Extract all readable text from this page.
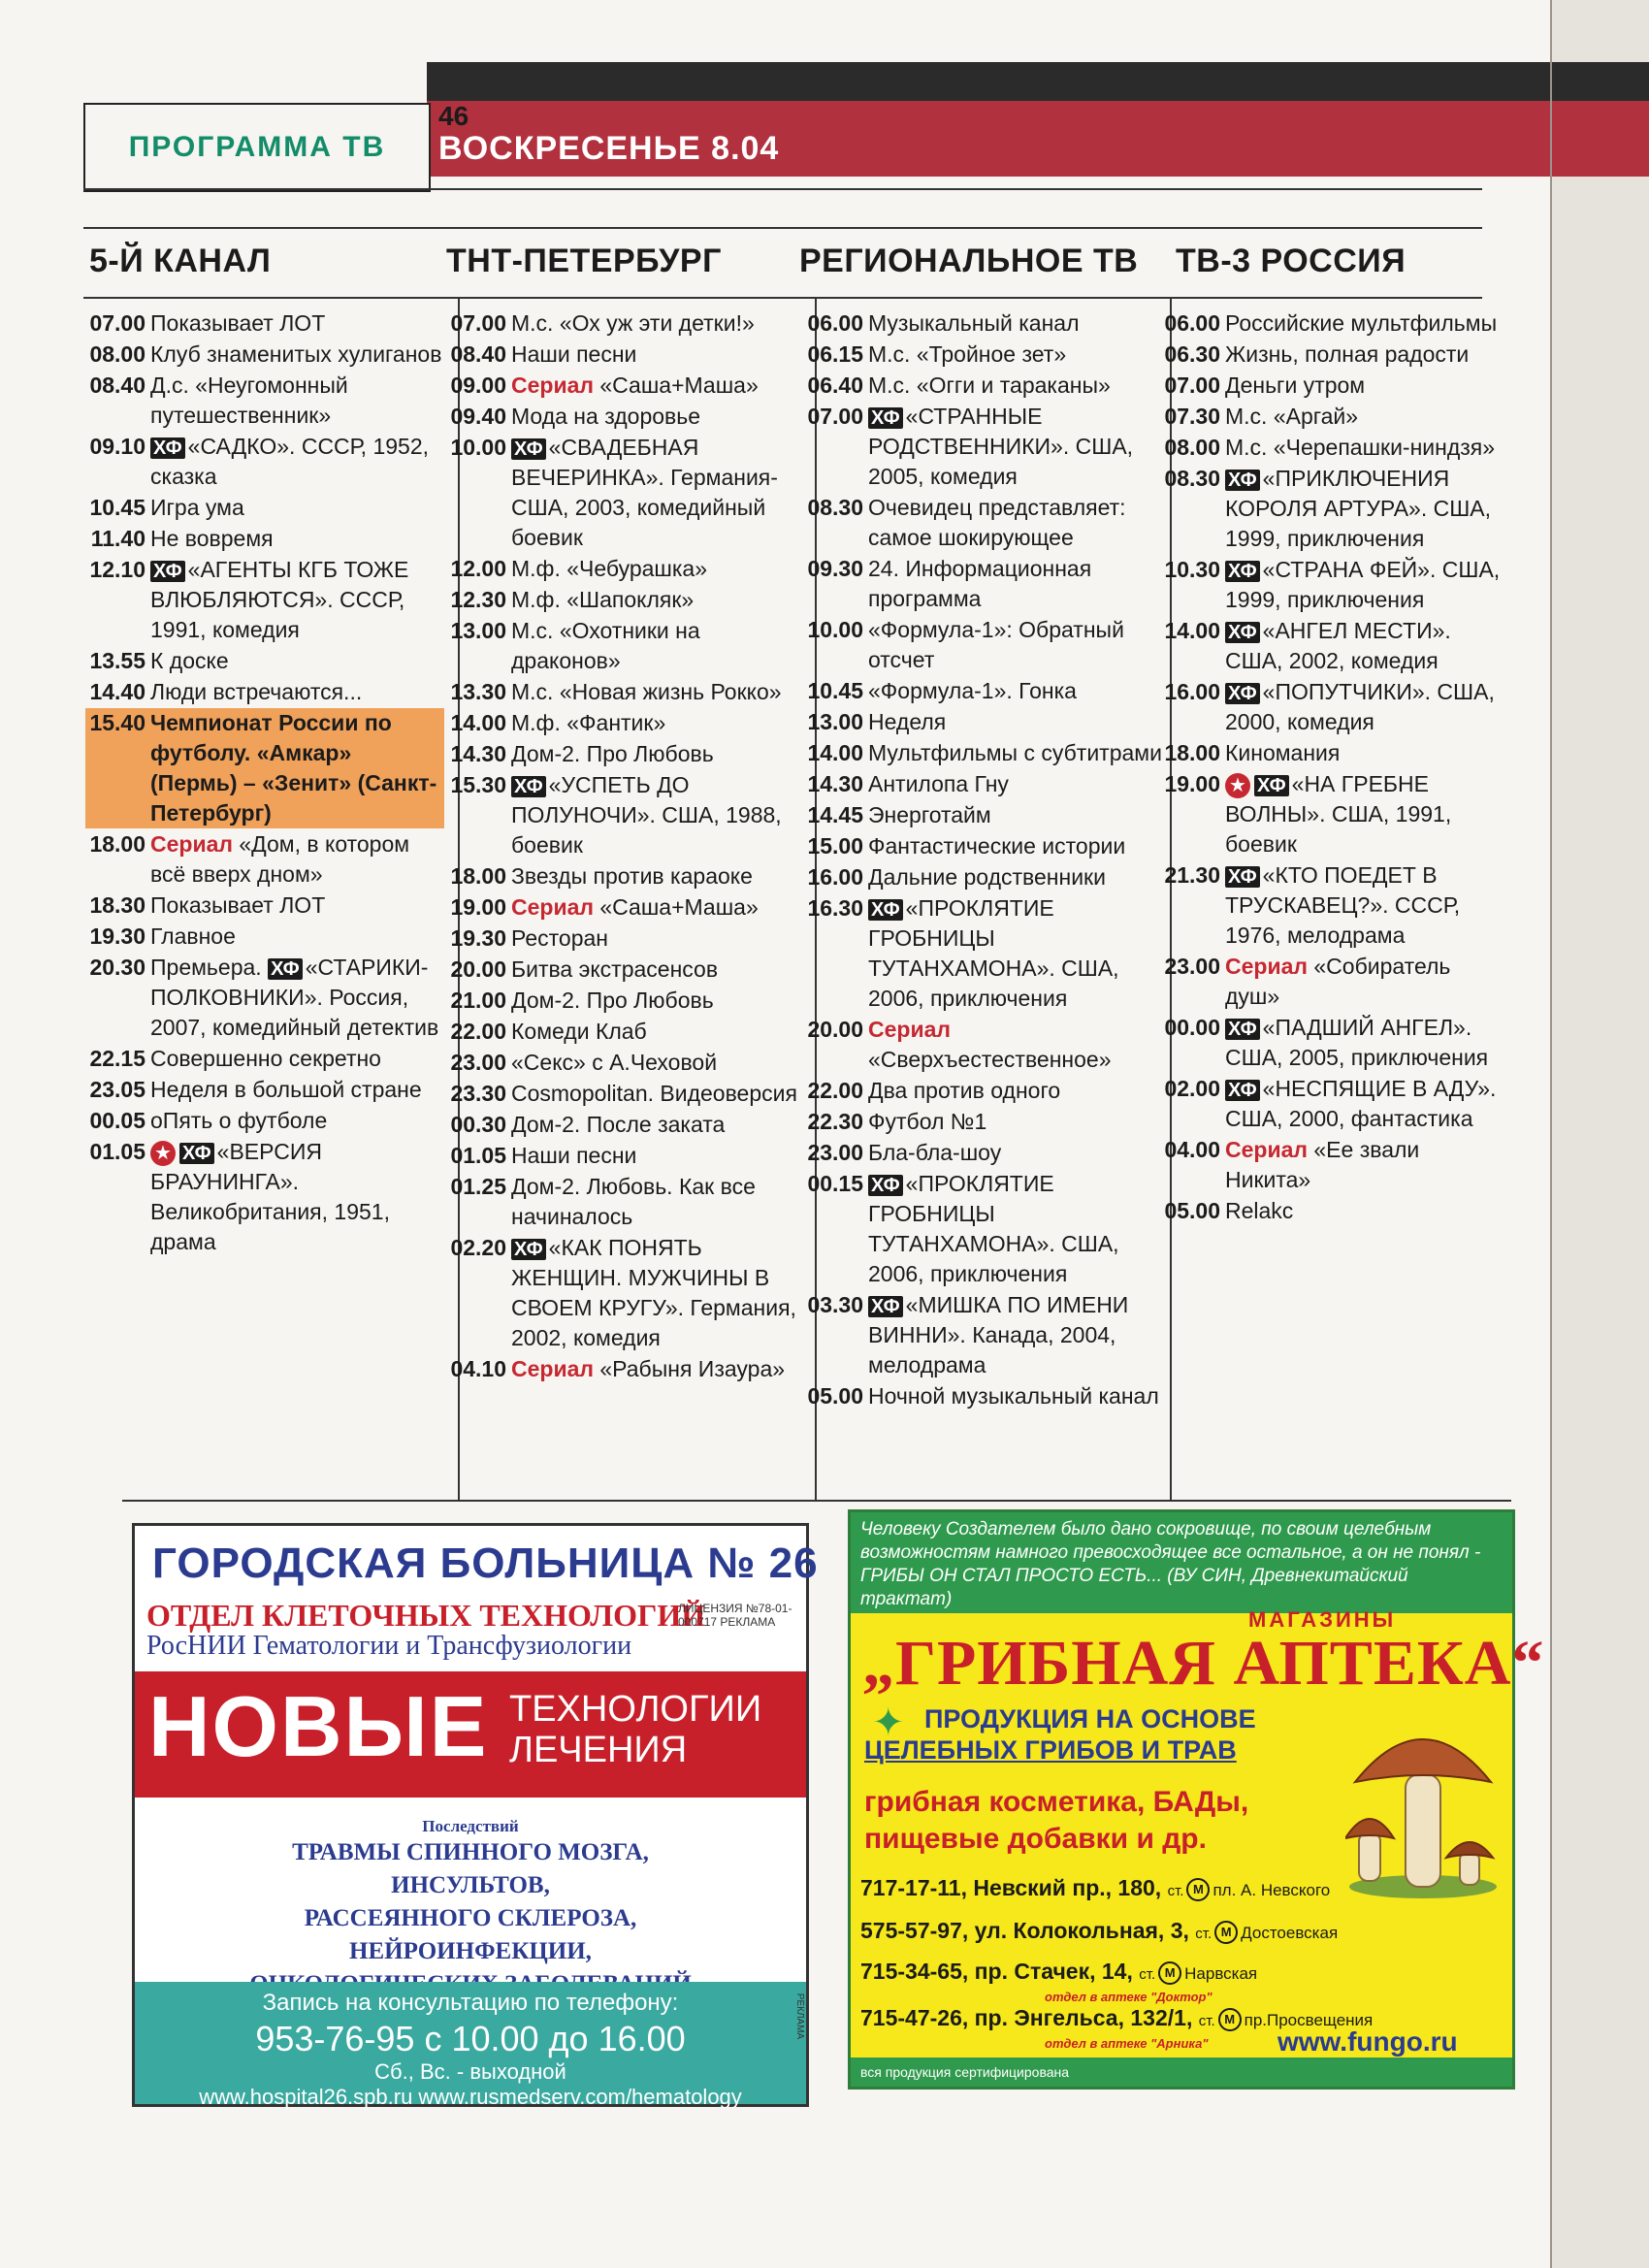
ПРОГРАММА ТВ
46
ВОСКРЕСЕНЬЕ 8.04
5-Й КАНАЛ	ТНТ-ПЕТЕРБУРГ РЕГИОНАЛЬНОЕ ТВ ТВ-3 РОССИЯ
07.00 Показывает ЛОТ
08.00 Клуб знаменитых хулиганов
08.40 Д.с. «Неугомонный путешественник»
09.10 ХФ «САДКО». СССР, 1952, сказка
10.45 Игра ума
11.40 Не вовремя
12.10 ХФ «АГЕНТЫ КГБ ТОЖЕ ВЛЮБЛЯЮТСЯ». СССР, 1991, комедия
13.55 К доске
14.40 Люди встречаются...
15.40 Чемпионат России по футболу. «Амкар» (Пермь) – «Зенит» (Санкт-Петербург)
18.00 Сериал «Дом, в котором всё вверх дном»
18.30 Показывает ЛОТ
19.30 Главное
20.30 Премьера. ХФ «СТАРИКИ-ПОЛКОВНИКИ». Россия, 2007, комедийный детектив
22.15 Совершенно секретно
23.05 Неделя в большой стране
00.05 оПять о футболе
01.05 ★ ХФ «ВЕРСИЯ БРАУНИНГА». Великобритания, 1951, драма
07.00 М.с. «Ох уж эти детки!»
08.40 Наши песни
09.00 Сериал «Саша+Маша»
09.40 Мода на здоровье
10.00 ХФ «СВАДЕБНАЯ ВЕЧЕРИНКА». Германия-США, 2003, комедийный боевик
12.00 М.ф. «Чебурашка»
12.30 М.ф. «Шапокляк»
13.00 М.с. «Охотники на драконов»
13.30 М.с. «Новая жизнь Рокко»
14.00 М.ф. «Фантик»
14.30 Дом-2. Про Любовь
15.30 ХФ «УСПЕТЬ ДО ПОЛУНОЧИ». США, 1988, боевик
18.00 Звезды против караоке
19.00 Сериал «Саша+Маша»
19.30 Ресторан
20.00 Битва экстрасенсов
21.00 Дом-2. Про Любовь
22.00 Комеди Клаб
23.00 «Секс» с А.Чеховой
23.30 Cosmopolitan. Видеоверсия
00.30 Дом-2. После заката
01.05 Наши песни
01.25 Дом-2. Любовь. Как все начиналось
02.20 ХФ «КАК ПОНЯТЬ ЖЕНЩИН. МУЖЧИНЫ В СВОЕМ КРУГУ». Германия, 2002, комедия
04.10 Сериал «Рабыня Изаура»
06.00 Музыкальный канал
06.15 М.с. «Тройное зет»
06.40 М.с. «Огги и тараканы»
07.00 ХФ «СТРАННЫЕ РОДСТВЕННИКИ». США, 2005, комедия
08.30 Очевидец представляет: самое шокирующее
09.30 24. Информационная программа
10.00 «Формула-1»: Обратный отсчет
10.45 «Формула-1». Гонка
13.00 Неделя
14.00 Мультфильмы с субтитрами
14.30 Антилопа Гну
14.45 Энерготайм
15.00 Фантастические истории
16.00 Дальние родственники
16.30 ХФ «ПРОКЛЯТИЕ ГРОБНИЦЫ ТУТАНХАМОНА». США, 2006, приключения
20.00 Сериал «Сверхъестественное»
22.00 Два против одного
22.30 Футбол №1
23.00 Бла-бла-шоу
00.15 ХФ «ПРОКЛЯТИЕ ГРОБНИЦЫ ТУТАНХАМОНА». США, 2006, приключения
03.30 ХФ «МИШКА ПО ИМЕНИ ВИННИ». Канада, 2004, мелодрама
05.00 Ночной музыкальный канал
06.00 Российские мультфильмы
06.30 Жизнь, полная радости
07.00 Деньги утром
07.30 М.с. «Аргай»
08.00 М.с. «Черепашки-ниндзя»
08.30 ХФ «ПРИКЛЮЧЕНИЯ КОРОЛЯ АРТУРА». США, 1999, приключения
10.30 ХФ «СТРАНА ФЕЙ». США, 1999, приключения
14.00 ХФ «АНГЕЛ МЕСТИ». США, 2002, комедия
16.00 ХФ «ПОПУТЧИКИ». США, 2000, комедия
18.00 Киномания
19.00 ★ ХФ «НА ГРЕБНЕ ВОЛНЫ». США, 1991, боевик
21.30 ХФ «КТО ПОЕДЕТ В ТРУСКАВЕЦ?». СССР, 1976, мелодрама
23.00 Сериал «Собиратель душ»
00.00 ХФ «ПАДШИЙ АНГЕЛ». США, 2005, приключения
02.00 ХФ «НЕСПЯЩИЕ В АДУ». США, 2000, фантастика
04.00 Сериал «Ее звали Никита»
05.00 Relakc
ГОРОДСКАЯ БОЛЬНИЦА № 26
ОТДЕЛ КЛЕТОЧНЫХ ТЕХНОЛОГИЙ
РосНИИ Гематологии и Трансфузиологии
ЛИЦЕНЗИЯ №78-01-000717 РЕКЛАМА
НОВЫЕ ТЕХНОЛОГИИ
ЛЕЧЕНИЯ
Последствий
ТРАВМЫ СПИННОГО МОЗГА,
ИНСУЛЬТОВ,
РАССЕЯННОГО СКЛЕРОЗА,
НЕЙРОИНФЕКЦИИ,
Запись на консультацию по телефону:
953-76-95 с 10.00 до 16.00
Сб., Вс. - выходной
www.hospital26.spb.ru www.rusmedserv.com/hematology
РЕКЛАМА
Человеку Создателем было дано сокровище, по своим целебным возможностям намного превосходящее все остальное, а он не понял - ГРИБЫ ОН СТАЛ ПРОСТО ЕСТЬ... (ВУ СИН, Древнекитайский трактат)
МАГАЗИНЫ
„ГРИБНАЯ АПТЕКА“
✦ ПРОДУКЦИЯ НА ОСНОВЕ
ЦЕЛЕБНЫХ ГРИБОВ И ТРАВ
грибная косметика, БАДы,
пищевые добавки и др.
717-17-11, Невский пр., 180, ст. М пл. А. Невского
575-57-97, ул. Колокольная, 3, ст. М Достоевская
715-34-65, пр. Стачек, 14, ст. М Нарвская
отдел в аптеке "Доктор"
715-47-26, пр. Энгельса, 132/1, ст. М пр.Просвещения
отдел в аптеке "Арника"	www.fungo.ru
вся продукция сертифицирована
